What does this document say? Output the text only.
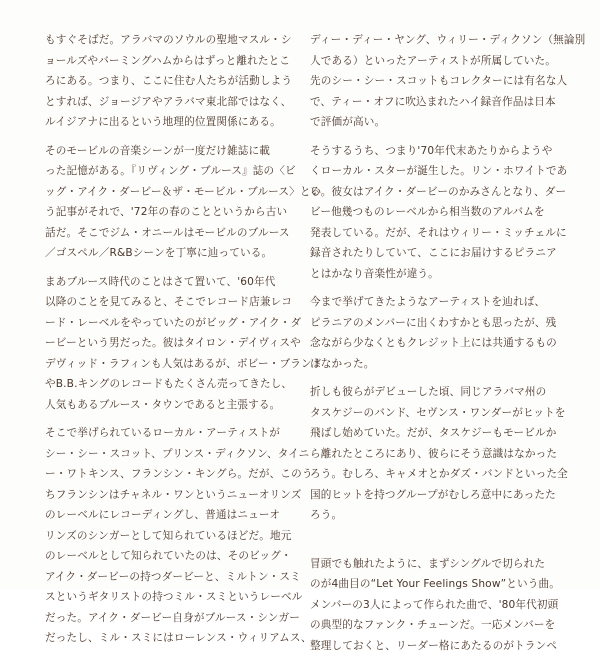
もすぐそばだ。アラバマのソウルの聖地マスル・シ
ョールズやバーミングハムからはずっと離れたとこ
ろにある。つまり、ここに住む人たちが活動しよう
とすれば、ジョージアやアラバマ東北部ではなく、
ルイジアナに出るという地理的位置関係にある。
そのモービルの音楽シーンが一度だけ雑誌に載
った記憶がある。『リヴィング・ブルース』誌の〈ビ
ッグ・アイク・ダービー＆ザ・モービル・ブルース〉とい
う記事がそれで、'72年の春のことというから古い
話だ。そこでジム・オニールはモービルのブルース
／ゴスペル／R&Bシーンを丁寧に辿っている。
まあブルース時代のことはさて置いて、'60年代
以降のことを見てみると、そこでレコード店兼レコ
ード・レーベルをやっていたのがビッグ・アイク・ダ
ービーという男だった。彼はタイロン・デイヴィスや
デヴィッド・ラフィンも人気はあるが、ボビー・ブランド
やB.B.キングのレコードもたくさん売ってきたし、
人気もあるブルース・タウンであると主張する。
そこで挙げられているローカル・アーティストが
シー・シー・スコット、プリンス・ディクソン、タイニ
ー・ワトキンス、フランシン・キングら。だが、このう
ちフランシンはチャネル・ワンというニューオリンズ
のレーベルにレコーディングし、普通はニューオ
リンズのシンガーとして知られているほどだ。地元
のレーベルとして知られていたのは、そのビッグ・
アイク・ダービーの持つダービーと、ミルトン・スミ
スというギタリストの持つミル・スミというレーベル
だった。アイク・ダービー自身がブルース・シンガー
だったし、ミル・スミにはローレンス・ウィリアムス、
ディー・ディー・ヤング、ウィリー・ディクソン（無論別
人である）といったアーティストが所属していた。
先のシー・シー・スコットもコレクターには有名な人
で、ティー・オフに吹込まれたハイ録音作品は日本
で評価が高い。
そうするうち、つまり'70年代末あたりからようや
くローカル・スターが誕生した。リン・ホワイトであ
る。彼女はアイク・ダービーのかみさんとなり、ダー
ビー他幾つものレーベルから相当数のアルバムを
発表している。だが、それはウィリー・ミッチェルに
録音されたりしていて、ここにお届けするピラニア
とはかなり音楽性が違う。
今まで挙げてきたようなアーティストを辿れば、
ピラニアのメンバーに出くわすかとも思ったが、残
念ながら少なくともクレジット上には共通するもの
はなかった。
折しも彼らがデビューした頃、同じアラバマ州の
タスケジーのバンド、セヴンス・ワンダーがヒットを
飛ばし始めていた。だが、タスケジーもモービルか
ら離れたところにあり、彼らにそう意識はなかった
ろう。むしろ、キャメオとかダズ・バンドといった全
国的ヒットを持つグループがむしろ意中にあったた
ろう。
冒頭でも触れたように、まずシングルで切られた
のが4曲目の“Let Your Feelings Show”という曲。
メンバーの3人によって作られた曲で、'80年代初頭
の典型的なファンク・チューンだ。一応メンバーを
整理しておくと、リーダー格にあたるのがトランペ
